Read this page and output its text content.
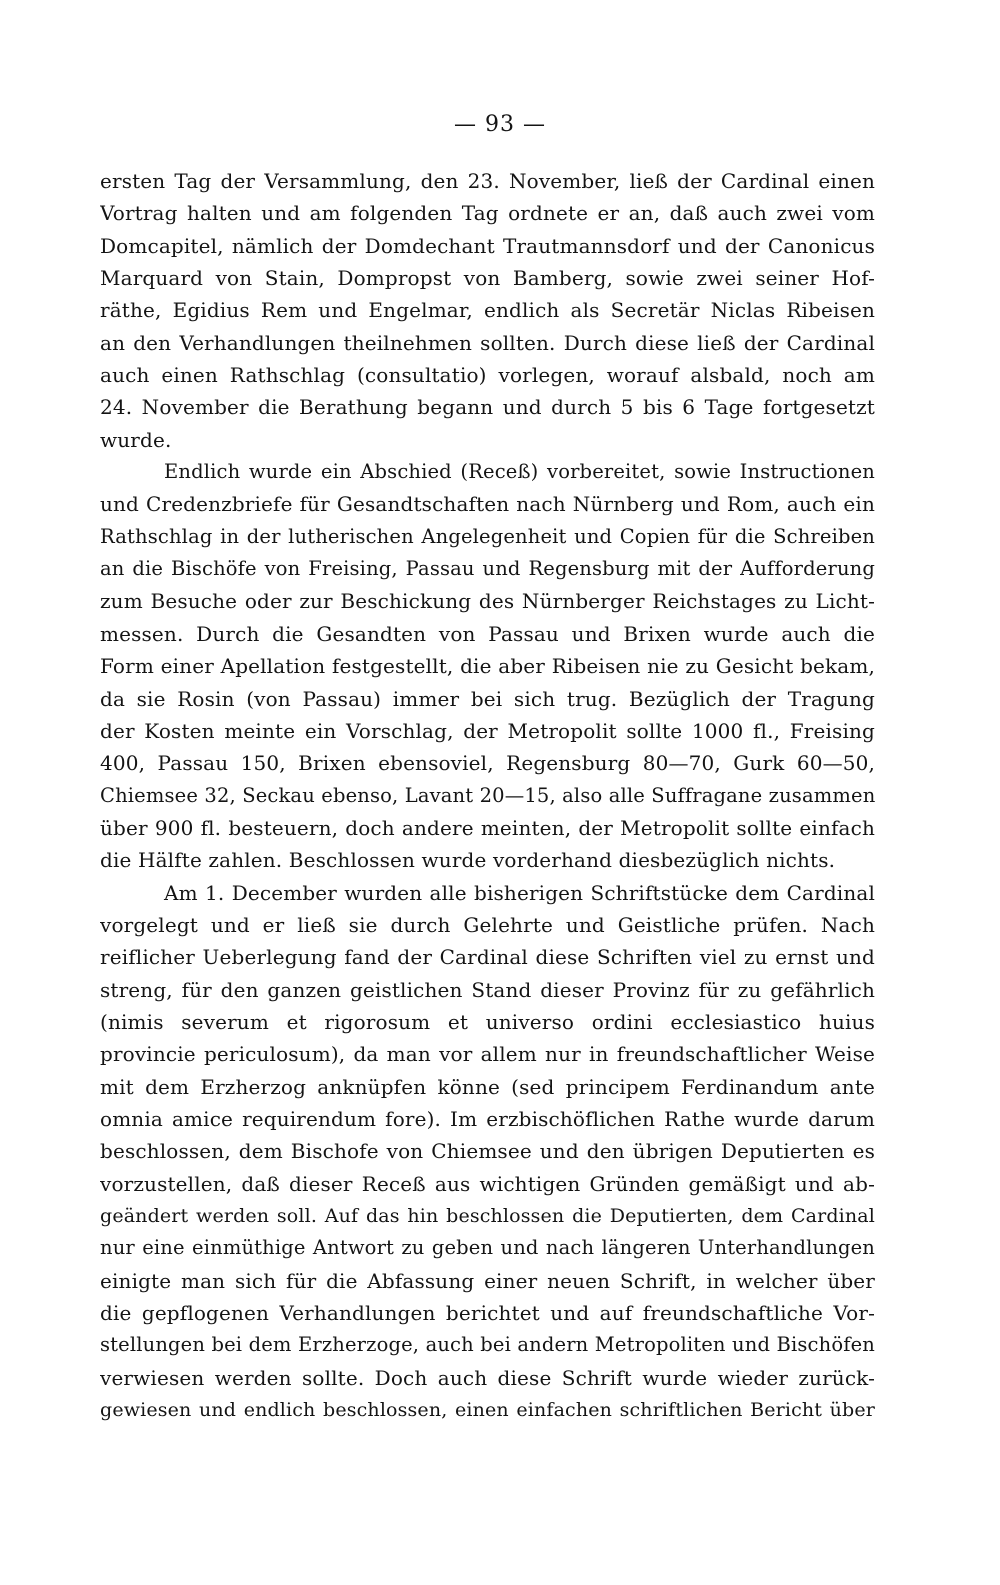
— 93 —
ersten Tag der Versammlung, den 23. November, ließ der Cardinal einen
Vortrag halten und am folgenden Tag ordnete er an, daß auch zwei vom
Domcapitel, nämlich der Domdechant Trautmannsdorf und der Canonicus
Marquard von Stain, Dompropst von Bamberg, sowie zwei seiner Hof-
räthe, Egidius Rem und Engelmar, endlich als Secretär Niclas Ribeisen
an den Verhandlungen theilnehmen sollten. Durch diese ließ der Cardinal
auch einen Rathschlag (consultatio) vorlegen, worauf alsbald, noch am
24. November die Berathung begann und durch 5 bis 6 Tage fortgesetzt
wurde.
Endlich wurde ein Abschied (Receß) vorbereitet, sowie Instructionen
und Credenzbriefe für Gesandtschaften nach Nürnberg und Rom, auch ein
Rathschlag in der lutherischen Angelegenheit und Copien für die Schreiben
an die Bischöfe von Freising, Passau und Regensburg mit der Aufforderung
zum Besuche oder zur Beschickung des Nürnberger Reichstages zu Licht-
messen. Durch die Gesandten von Passau und Brixen wurde auch die
Form einer Apellation festgestellt, die aber Ribeisen nie zu Gesicht bekam,
da sie Rosin (von Passau) immer bei sich trug. Bezüglich der Tragung
der Kosten meinte ein Vorschlag, der Metropolit sollte 1000 fl., Freising
400, Passau 150, Brixen ebensoviel, Regensburg 80—70, Gurk 60—50,
Chiemsee 32, Seckau ebenso, Lavant 20—15, also alle Suffragane zusammen
über 900 fl. besteuern, doch andere meinten, der Metropolit sollte einfach
die Hälfte zahlen. Beschlossen wurde vorderhand diesbezüglich nichts.
Am 1. December wurden alle bisherigen Schriftstücke dem Cardinal
vorgelegt und er ließ sie durch Gelehrte und Geistliche prüfen. Nach
reiflicher Ueberlegung fand der Cardinal diese Schriften viel zu ernst und
streng, für den ganzen geistlichen Stand dieser Provinz für zu gefährlich
(nimis severum et rigorosum et universo ordini ecclesiastico huius
provincie periculosum), da man vor allem nur in freundschaftlicher Weise
mit dem Erzherzog anknüpfen könne (sed principem Ferdinandum ante
omnia amice requirendum fore). Im erzbischöflichen Rathe wurde darum
beschlossen, dem Bischofe von Chiemsee und den übrigen Deputierten es
vorzustellen, daß dieser Receß aus wichtigen Gründen gemäßigt und ab-
geändert werden soll. Auf das hin beschlossen die Deputierten, dem Cardinal
nur eine einmüthige Antwort zu geben und nach längeren Unterhandlungen
einigte man sich für die Abfassung einer neuen Schrift, in welcher über
die gepflogenen Verhandlungen berichtet und auf freundschaftliche Vor-
stellungen bei dem Erzherzoge, auch bei andern Metropoliten und Bischöfen
verwiesen werden sollte. Doch auch diese Schrift wurde wieder zurück-
gewiesen und endlich beschlossen, einen einfachen schriftlichen Bericht über
